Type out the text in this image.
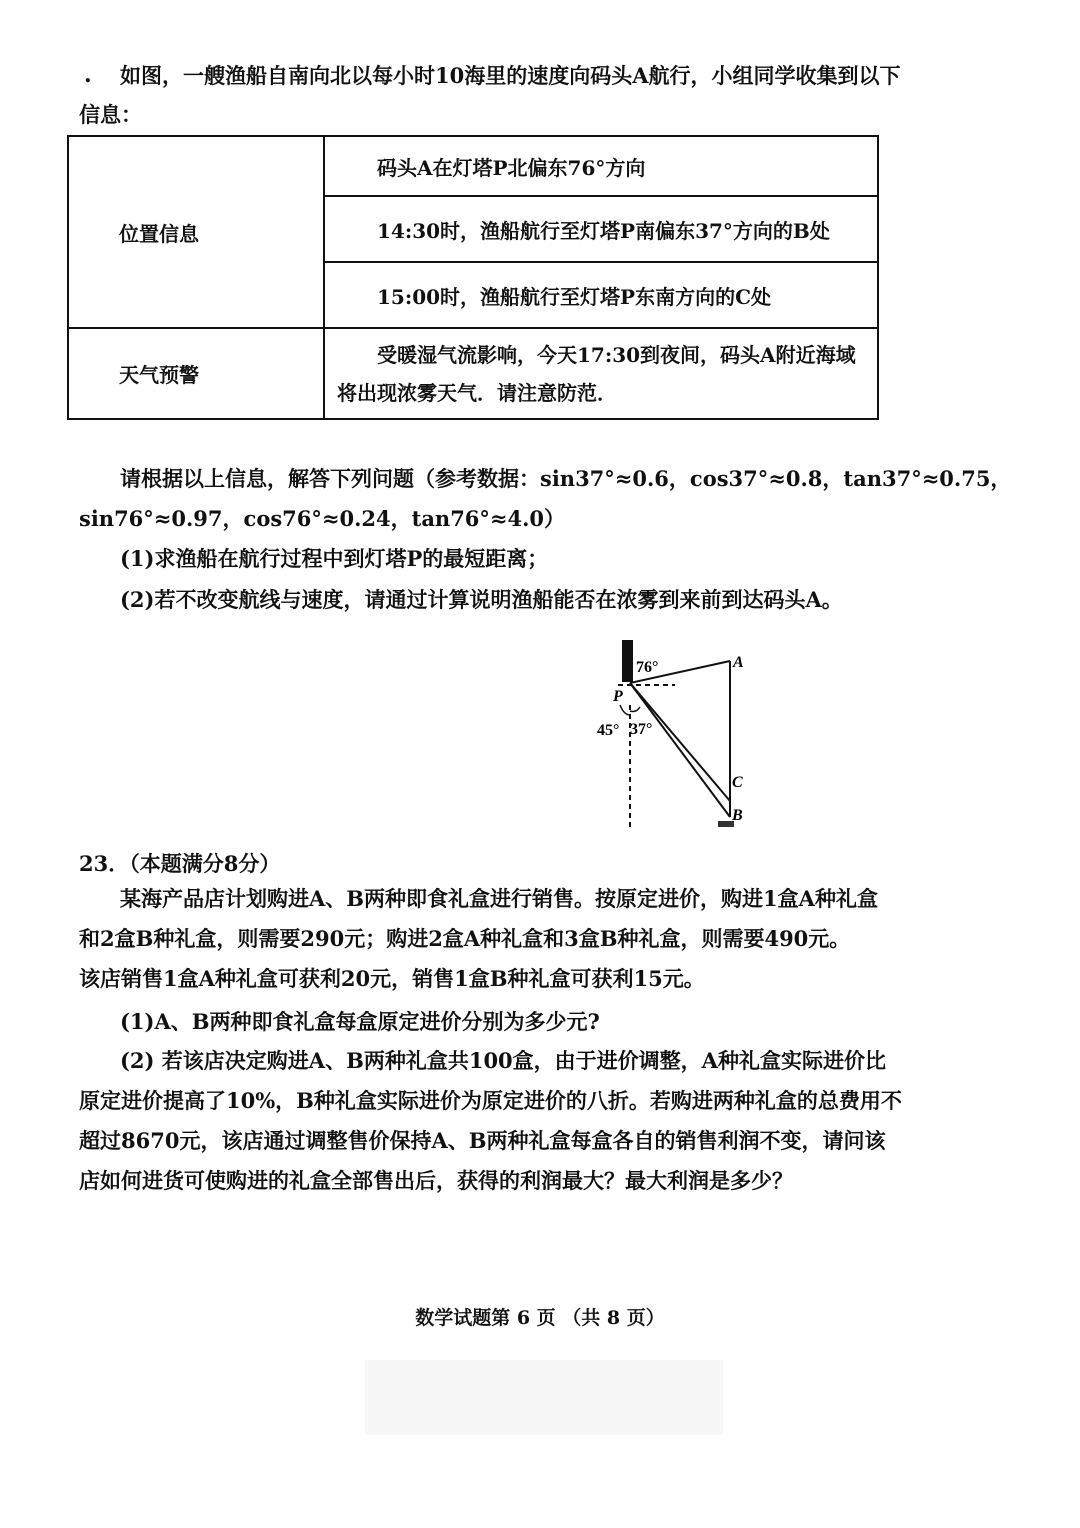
. 如图，一艘渔船自南向北以每小时10海里的速度向码头A航行，小组同学收集到以下
信息：
位置信息	码头A在灯塔P北偏东76°方向
	14:30时，渔船航行至灯塔P南偏东37°方向的B处
	15:00时，渔船航行至灯塔P东南方向的C处
天气预警	受暖湿气流影响，今天17:30到夜间，码头A附近海域将出现浓雾天气．请注意防范．
请根据以上信息，解答下列问题（参考数据：sin37°≈0.6，cos37°≈0.8，tan37°≈0.75，
sin76°≈0.97，cos76°≈0.24，tan76°≈4.0）
(1)求渔船在航行过程中到灯塔P的最短距离；
(2)若不改变航线与速度，请通过计算说明渔船能否在浓雾到来前到达码头A。
76°	A
P
45° 37°
C
B
23．（本题满分8分）
某海产品店计划购进A、B两种即食礼盒进行销售。按原定进价，购进1盒A种礼盒
和2盒B种礼盒，则需要290元；购进2盒A种礼盒和3盒B种礼盒，则需要490元。
该店销售1盒A种礼盒可获利20元，销售1盒B种礼盒可获利15元。
(1)A、B两种即食礼盒每盒原定进价分别为多少元?
(2) 若该店决定购进A、B两种礼盒共100盒，由于进价调整，A种礼盒实际进价比
原定进价提高了10%，B种礼盒实际进价为原定进价的八折。若购进两种礼盒的总费用不
超过8670元，该店通过调整售价保持A、B两种礼盒每盒各自的销售利润不变，请问该
店如何进货可使购进的礼盒全部售出后，获得的利润最大？最大利润是多少？
数学试题第 6 页 （共 8 页）
